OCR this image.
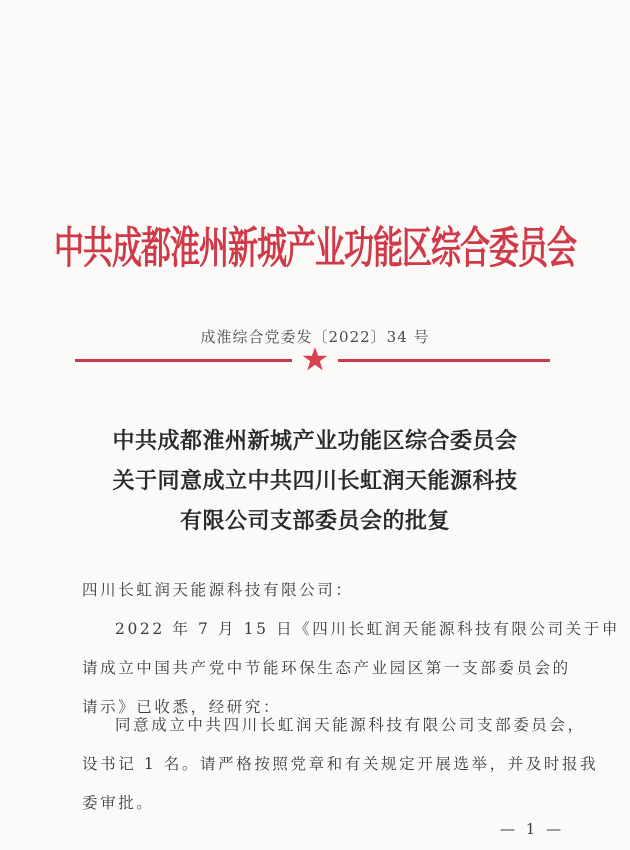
中共成都淮州新城产业功能区综合委员会
成淮综合党委发〔2022〕34 号
中共成都淮州新城产业功能区综合委员会
关于同意成立中共四川长虹润天能源科技
有限公司支部委员会的批复
四川长虹润天能源科技有限公司：
2022 年 7 月 15 日《四川长虹润天能源科技有限公司关于申
请成立中国共产党中节能环保生态产业园区第一支部委员会的
请示》已收悉，经研究：
同意成立中共四川长虹润天能源科技有限公司支部委员会，
设书记 1 名。请严格按照党章和有关规定开展选举，并及时报我
委审批。
— 1 —
